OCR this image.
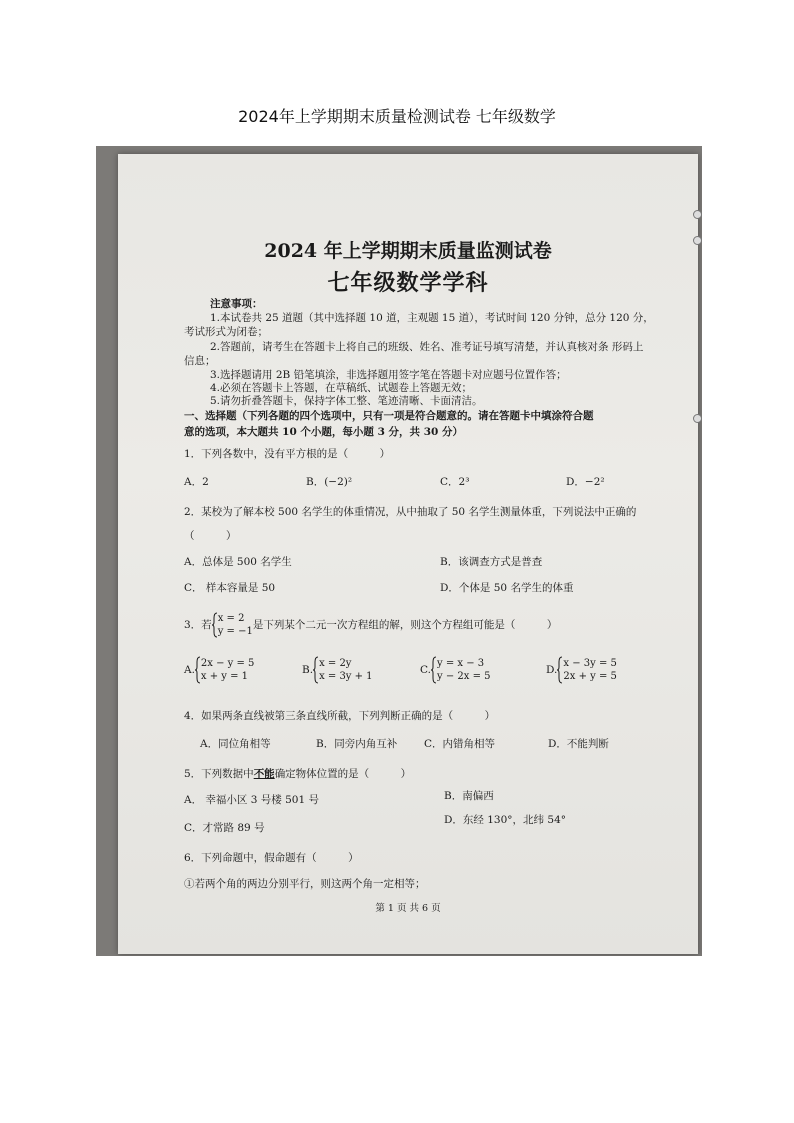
2024年上学期期末质量检测试卷 七年级数学
2024 年上学期期末质量监测试卷
七年级数学学科
注意事项：
1.本试卷共 25 道题（其中选择题 10 道，主观题 15 道），考试时间 120 分钟，总分 120 分，
考试形式为闭卷；
2.答题前，请考生在答题卡上将自己的班级、姓名、准考证号填写清楚，并认真核对条 形码上
信息；
3.选择题请用 2B 铅笔填涂，非选择题用签字笔在答题卡对应题号位置作答；
4.必须在答题卡上答题，在草稿纸、试题卷上答题无效；
5.请勿折叠答题卡，保持字体工整、笔迹清晰、卡面清洁。
一、选择题（下列各题的四个选项中，只有一项是符合题意的。请在答题卡中填涂符合题
意的选项，本大题共 10 个小题，每小题 3 分，共 30 分）
1．下列各数中，没有平方根的是（　　　）
A．2	B．(−2)²	C．2³	D．−2²
2．某校为了解本校 500 名学生的体重情况，从中抽取了 50 名学生测量体重，下列说法中正确的
（　　　）
A．总体是 500 名学生	B．该调查方式是普查
C． 样本容量是 50	D．个体是 50 名学生的体重
3．若x = 2
y = −1是下列某个二元一次方程组的解，则这个方程组可能是（　　　）
A.2x − y = 5
x + y = 1
B.x = 2y
x = 3y + 1
C.y = x − 3
y − 2x = 5
D.x − 3y = 5
2x + y = 5
4．如果两条直线被第三条直线所截，下列判断正确的是（　　　）
A．同位角相等	B．同旁内角互补	C．内错角相等	D．不能判断
5．下列数据中不能确定物体位置的是（　　　）
A． 幸福小区 3 号楼 501 号	B．南偏西
C．才常路 89 号
D．东经 130°，北纬 54°
6．下列命题中，假命题有（　　　）
①若两个角的两边分别平行，则这两个角一定相等；
第 1 页 共 6 页
